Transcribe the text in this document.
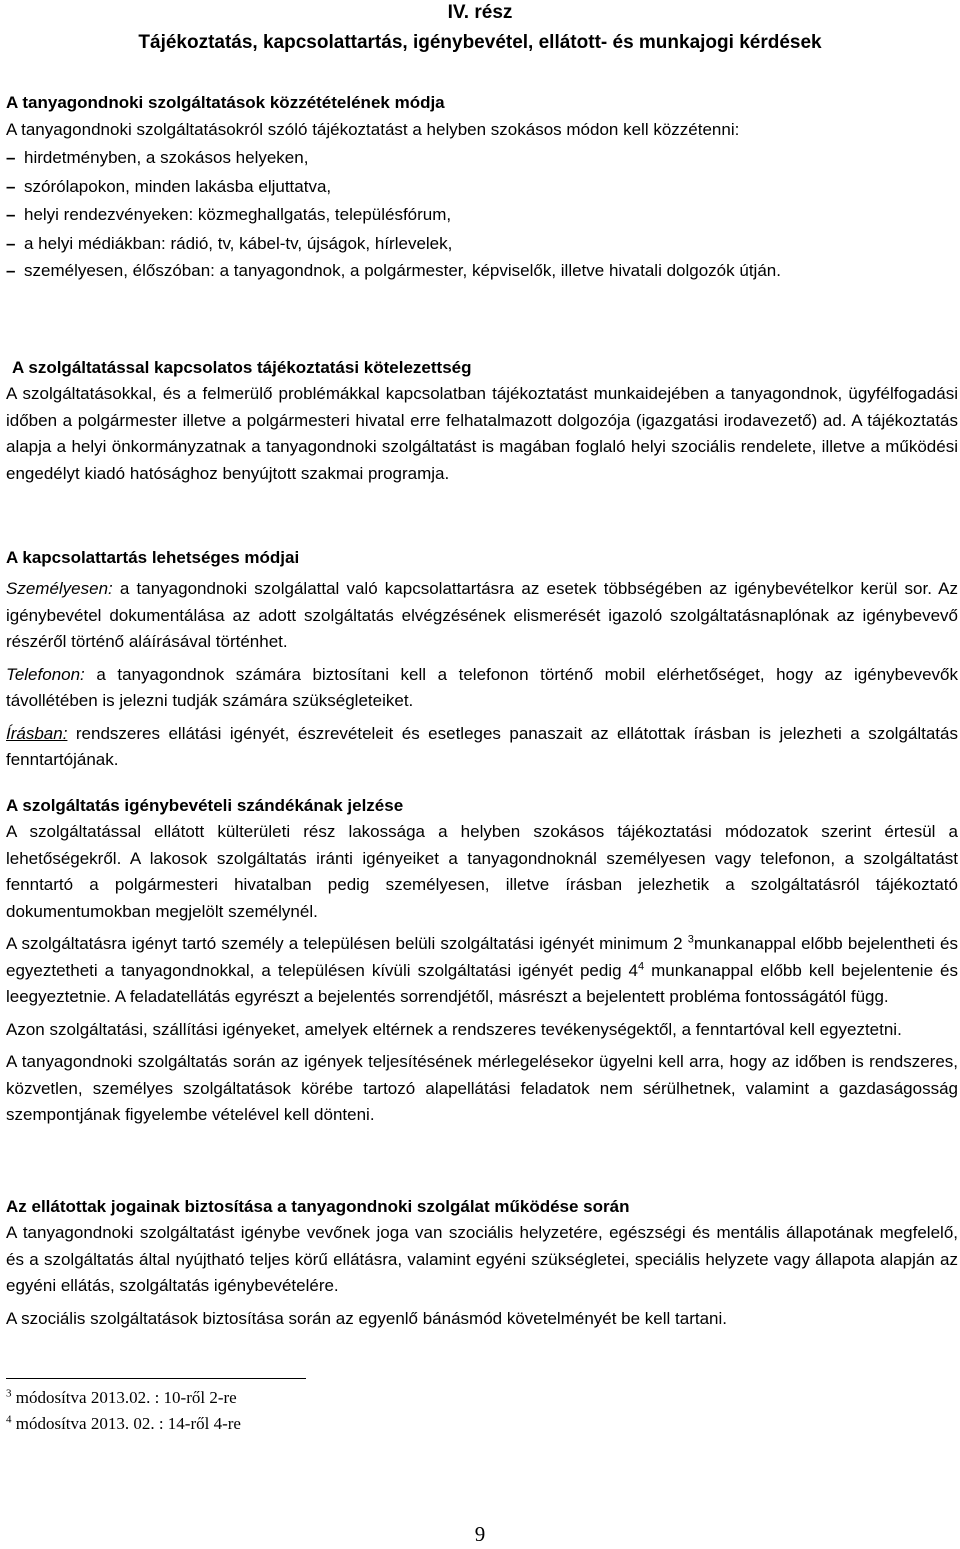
IV. rész
Tájékoztatás, kapcsolattartás, igénybevétel, ellátott- és munkajogi kérdések
A tanyagondnoki szolgáltatások közzétételének módja
A tanyagondnoki szolgáltatásokról szóló tájékoztatást a helyben szokásos módon kell közzétenni:
– hirdetményben, a szokásos helyeken,
– szórólapokon, minden lakásba eljuttatva,
– helyi rendezvényeken: közmeghallgatás, településfórum,
– a helyi médiákban: rádió, tv, kábel-tv, újságok, hírlevelek,
– személyesen, élőszóban: a tanyagondnok, a polgármester, képviselők, illetve hivatali dolgozók útján.
A szolgáltatással kapcsolatos tájékoztatási kötelezettség

A szolgáltatásokkal, és a felmerülő problémákkal kapcsolatban tájékoztatást munkaidejében a tanyagondnok, ügyfélfogadási időben a polgármester illetve a polgármesteri hivatal erre felhatalmazott dolgozója (igazgatási irodavezető) ad. A tájékoztatás alapja a helyi önkormányzatnak a tanyagondnoki szolgáltatást is magában foglaló helyi szociális rendelete, illetve a működési engedélyt kiadó hatósághoz benyújtott szakmai programja.

A kapcsolattartás lehetséges módjai

Személyesen: a tanyagondnoki szolgálattal való kapcsolattartásra az esetek többségében az igénybevételkor kerül sor. Az igénybevétel dokumentálása az adott szolgáltatás elvégzésének elismerését igazoló szolgáltatásnaplónak az igénybevevő részéről történő aláírásával történhet.

Telefonon: a tanyagondnok számára biztosítani kell a telefonon történő mobil elérhetőséget, hogy az igénybevevők távollétében is jelezni tudják számára szükségleteiket.

Írásban: rendszeres ellátási igényét, észrevételeit és esetleges panaszait az ellátottak írásban is jelezheti a szolgáltatás fenntartójának.

A szolgáltatás igénybevételi szándékának jelzése

A szolgáltatással ellátott külterületi rész lakossága a helyben szokásos tájékoztatási módozatok szerint értesül a lehetőségekről. A lakosok szolgáltatás iránti igényeiket a tanyagondnoknál személyesen vagy telefonon, a szolgáltatást fenntartó a polgármesteri hivatalban pedig személyesen, illetve írásban jelezhetik a szolgáltatásról tájékoztató dokumentumokban megjelölt személynél.

A szolgáltatásra igényt tartó személy a településen belüli szolgáltatási igényét minimum 2 $^3$munkanappal előbb bejelentheti és egyeztetheti a tanyagondnokkal, a településen kívüli szolgáltatási igényét pedig $4^4$ munkanappal előbb kell bejelentenie és leegyeztetnie. A feladatellátás egyrészt a bejelentés sorrendjétől, másrészt a bejelentett probléma fontosságától függ.

Azon szolgáltatási, szállítási igényeket, amelyek eltérnek a rendszeres tevékenységektől, a fenntartóval kell egyeztetni.

A tanyagondnoki szolgáltatás során az igények teljesítésének mérlegelésekor ügyelni kell arra, hogy az időben is rendszeres, közvetlen, személyes szolgáltatások körébe tartozó alapellátási feladatok nem sérülhetnek, valamint a gazdaságosság szempontjának figyelembe vételével kell dönteni.

Az ellátottak jogainak biztosítása a tanyagondnoki szolgálat működése során

A tanyagondnoki szolgáltatást igénybe vevőnek joga van szociális helyzetére, egészségi és mentális állapotának megfelelő, és a szolgáltatás által nyújtható teljes körű ellátásra, valamint egyéni szükségletei, speciális helyzete vagy állapota alapján az egyéni ellátás, szolgáltatás igénybevételére.

A szociális szolgáltatások biztosítása során az egyenlő bánásmód követelményét be kell tartani.

$^3$ módosítva 2013.02. : 10-ről 2-re
$^4$ módosítva 2013. 02. : 14-ről 4-re
9
